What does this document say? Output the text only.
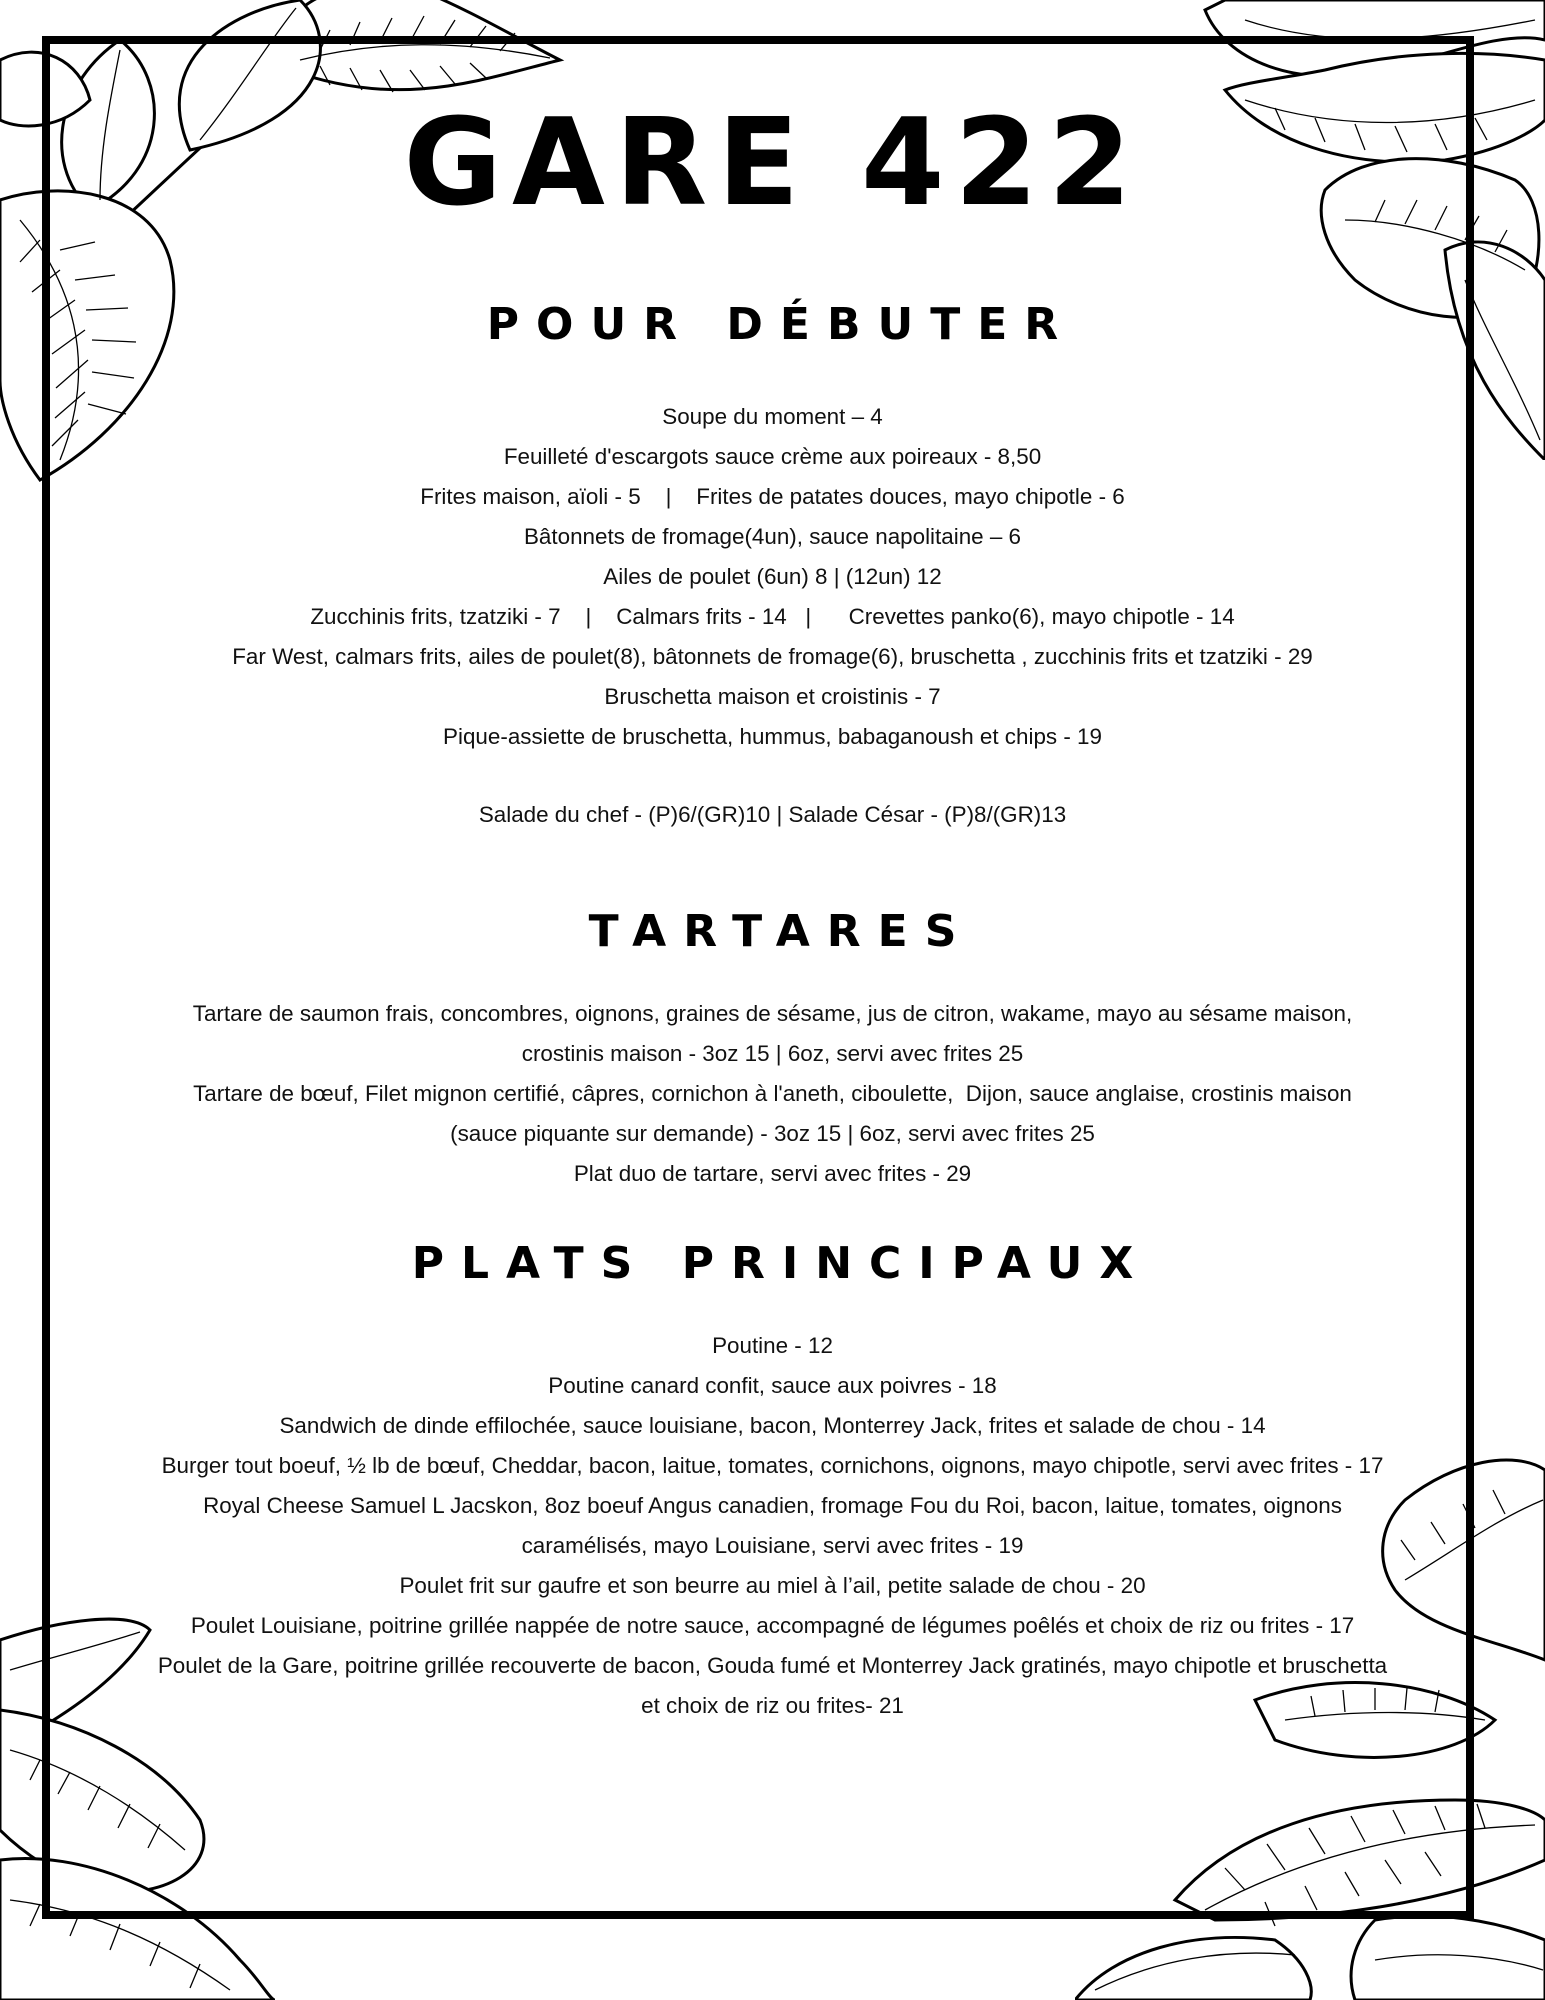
GARE 422
POUR DÉBUTER
Soupe du moment – 4
Feuilleté d'escargots sauce crème aux poireaux - 8,50
Frites maison, aïoli - 5    |    Frites de patates douces, mayo chipotle - 6
Bâtonnets de fromage(4un), sauce napolitaine – 6
Ailes de poulet (6un) 8 | (12un) 12
Zucchinis frits, tzatziki - 7    |    Calmars frits - 14   |      Crevettes panko(6), mayo chipotle - 14
Far West, calmars frits, ailes de poulet(8), bâtonnets de fromage(6), bruschetta , zucchinis frits et tzatziki - 29
Bruschetta maison et croistinis - 7
Pique-assiette de bruschetta, hummus, babaganoush et chips - 19
Salade du chef - (P)6/(GR)10 | Salade César - (P)8/(GR)13
TARTARES
Tartare de saumon frais, concombres, oignons, graines de sésame, jus de citron, wakame, mayo au sésame maison,
crostinis maison - 3oz 15 | 6oz, servi avec frites 25
Tartare de bœuf, Filet mignon certifié, câpres, cornichon à l'aneth, ciboulette,  Dijon, sauce anglaise, crostinis maison
(sauce piquante sur demande) - 3oz 15 | 6oz, servi avec frites 25
Plat duo de tartare, servi avec frites - 29
PLATS PRINCIPAUX
Poutine - 12
Poutine canard confit, sauce aux poivres - 18
Sandwich de dinde effilochée, sauce louisiane, bacon, Monterrey Jack, frites et salade de chou - 14
Burger tout boeuf, ½ lb de bœuf, Cheddar, bacon, laitue, tomates, cornichons, oignons, mayo chipotle, servi avec frites - 17
Royal Cheese Samuel L Jacskon, 8oz boeuf Angus canadien, fromage Fou du Roi, bacon, laitue, tomates, oignons
caramélisés, mayo Louisiane, servi avec frites - 19
Poulet frit sur gaufre et son beurre au miel à l’ail, petite salade de chou - 20
Poulet Louisiane, poitrine grillée nappée de notre sauce, accompagné de légumes poêlés et choix de riz ou frites - 17
Poulet de la Gare, poitrine grillée recouverte de bacon, Gouda fumé et Monterrey Jack gratinés, mayo chipotle et bruschetta
et choix de riz ou frites- 21
